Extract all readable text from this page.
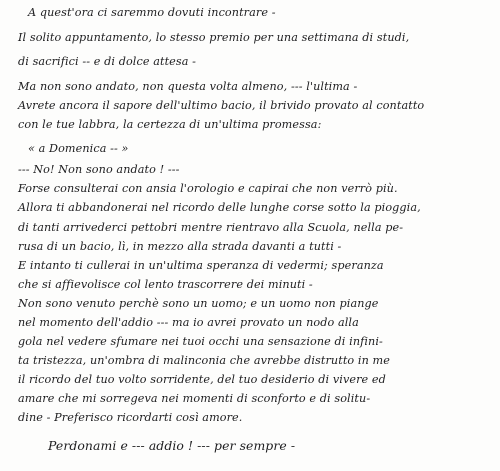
A quest'ora ci saremmo dovuti incontrare -
Il solito appuntamento, lo stesso premio per una settimana di studi,
di sacrifici -- e di dolce attesa -
Ma non sono andato, non questa volta almeno, --- l'ultima -
Avrete ancora il sapore dell'ultimo bacio, il brivido provato al contatto
con le tue labbra, la certezza di un'ultima promessa:
« a Domenica -- »
--- No! Non sono andato ! ---
Forse consulterai con ansia l'orologio e capirai che non verrò più.
Allora ti abbandonerai nel ricordo delle lunghe corse sotto la pioggia,
di tanti arrivederci pettobri mentre rientravo alla Scuola, nella pe-
rusa di un bacio, lì, in mezzo alla strada davanti a tutti -
E intanto ti cullerai in un'ultima speranza di vedermi; speranza
che si affievolisce col lento trascorrere dei minuti -
Non sono venuto perchè sono un uomo; e un uomo non piange
nel momento dell'addio --- ma io avrei provato un nodo alla
gola nel vedere sfumare nei tuoi occhi una sensazione di infini-
ta tristezza, un'ombra di malinconia che avrebbe distrutto in me
il ricordo del tuo volto sorridente, del tuo desiderio di vivere ed
amare che mi sorregeva nei momenti di sconforto e di solitu-
dine - Preferisco ricordarti così amore.
Perdonami e --- addio ! --- per sempre -
